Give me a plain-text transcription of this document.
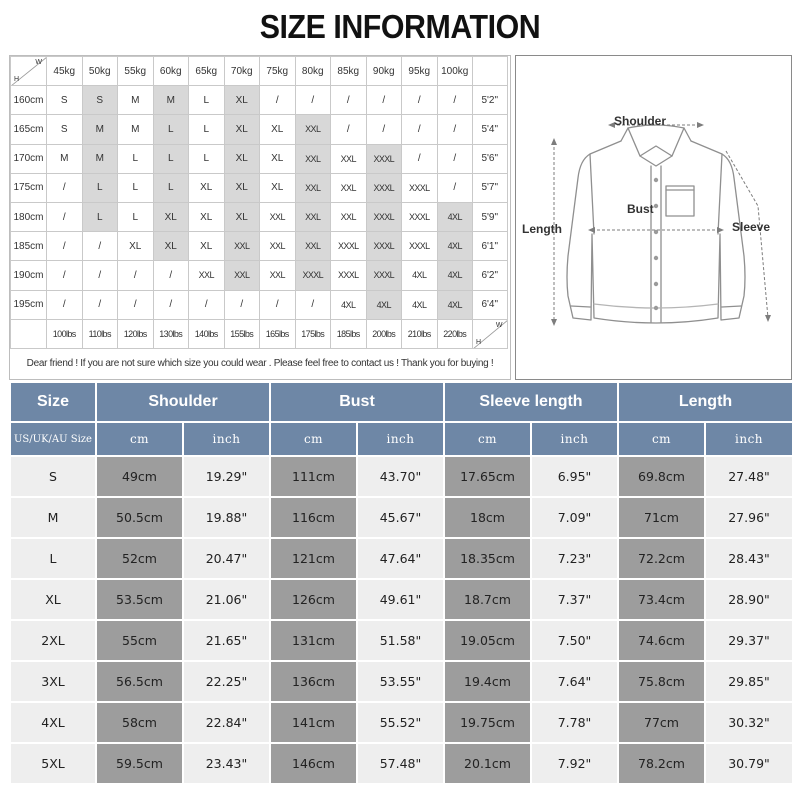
SIZE INFORMATION
H
W	45kg	50kg	55kg	60kg	65kg	70kg	75kg	80kg	85kg	90kg	95kg	100kg	
160cm	S	S	M	M	L	XL	/	/	/	/	/	/	5'2"
165cm	S	M	M	L	L	XL	XL	XXL	/	/	/	/	5'4"
170cm	M	M	L	L	L	XL	XL	XXL	XXL	XXXL	/	/	5'6"
175cm	/	L	L	L	XL	XL	XL	XXL	XXL	XXXL	XXXL	/	5'7"
180cm	/	L	L	XL	XL	XL	XXL	XXL	XXL	XXXL	XXXL	4XL	5'9"
185cm	/	/	XL	XL	XL	XXL	XXL	XXL	XXXL	XXXL	XXXL	4XL	6'1"
190cm	/	/	/	/	XXL	XXL	XXL	XXXL	XXXL	XXXL	4XL	4XL	6'2"
195cm	/	/	/	/	/	/	/	/	4XL	4XL	4XL	4XL	6'4"
	100lbs	110lbs	120lbs	130lbs	140lbs	155lbs	165lbs	175lbs	185lbs	200lbs	210lbs	220lbs	H
W
Dear friend ! If you are not sure which size you could wear . Please feel free to contact us ! Thank you for buying !
Shoulder
Bust
Length	Sleeve
Size	Shoulder		Bust		Sleeve length		Length	
US/UK/AU Size	cm	inch	cm	inch	cm	inch	cm	inch
S	49cm	19.29"	111cm	43.70"	17.65cm	6.95"	69.8cm	27.48"
M	50.5cm	19.88"	116cm	45.67"	18cm	7.09"	71cm	27.96"
L	52cm	20.47"	121cm	47.64"	18.35cm	7.23"	72.2cm	28.43"
XL	53.5cm	21.06"	126cm	49.61"	18.7cm	7.37"	73.4cm	28.90"
2XL	55cm	21.65"	131cm	51.58"	19.05cm	7.50"	74.6cm	29.37"
3XL	56.5cm	22.25"	136cm	53.55"	19.4cm	7.64"	75.8cm	29.85"
4XL	58cm	22.84"	141cm	55.52"	19.75cm	7.78"	77cm	30.32"
5XL	59.5cm	23.43"	146cm	57.48"	20.1cm	7.92"	78.2cm	30.79"
